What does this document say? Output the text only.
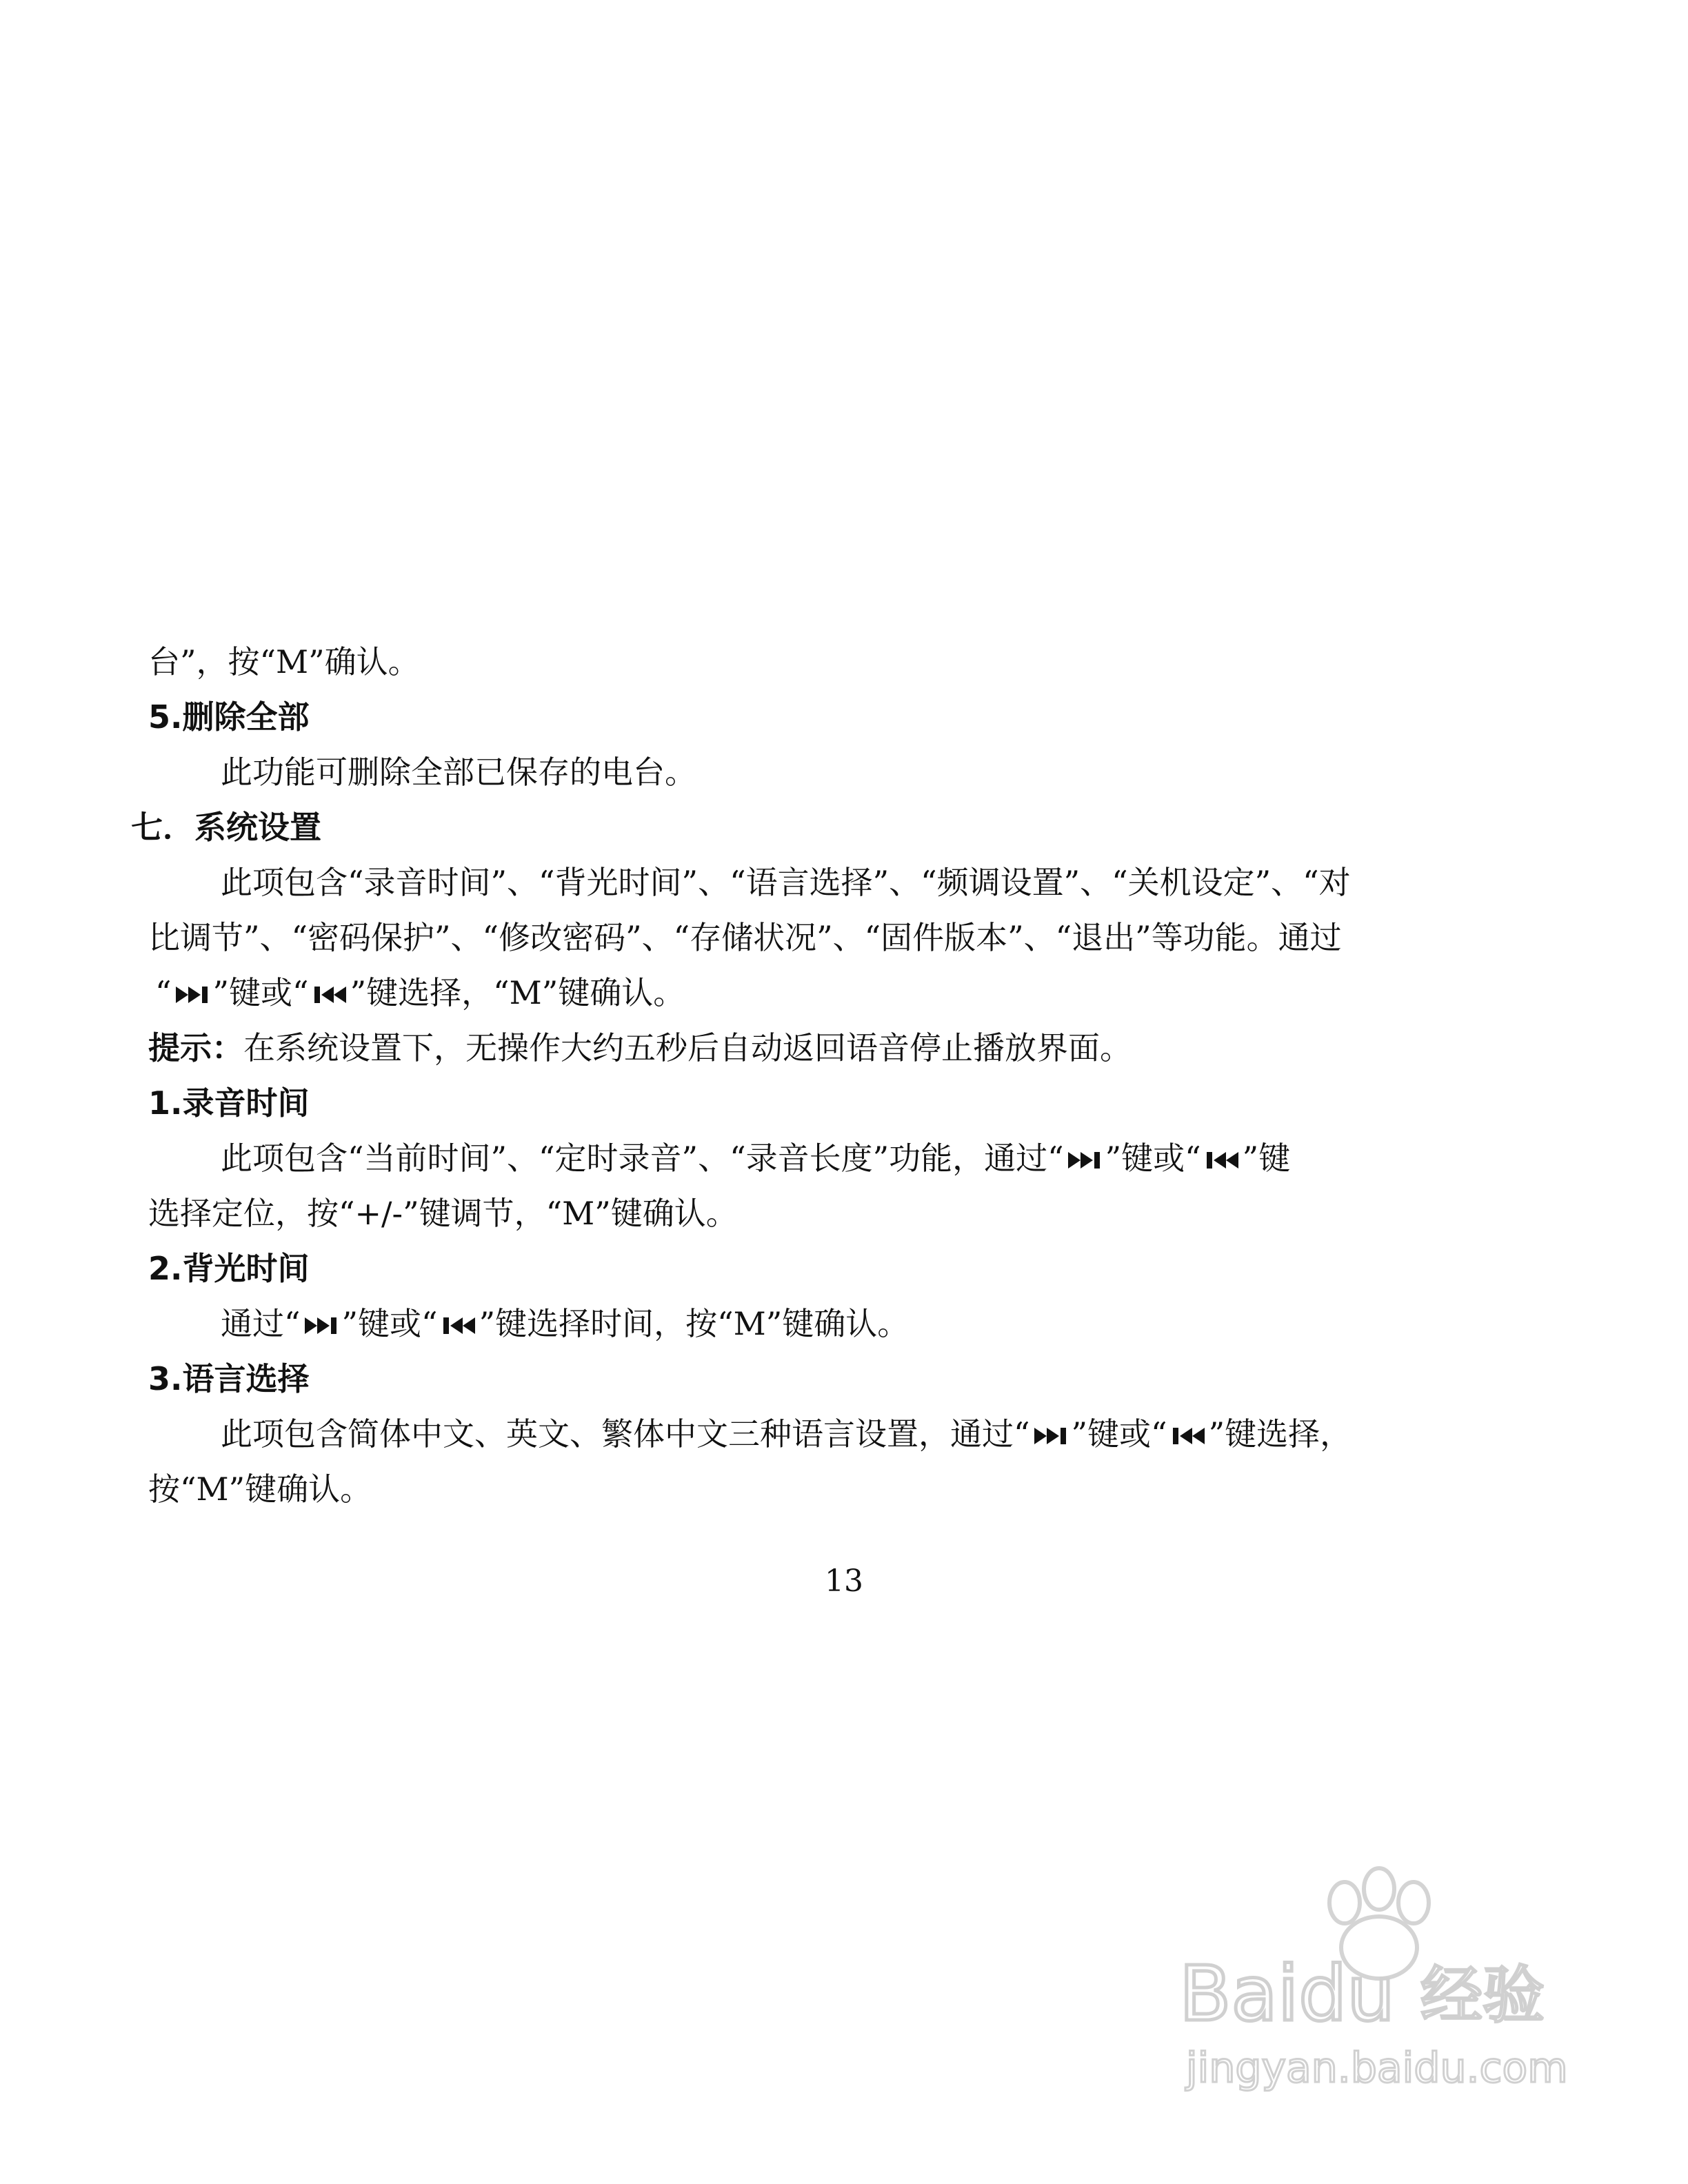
台”，按“M”确认。
5.删除全部
此功能可删除全部已保存的电台。
七．系统设置
此项包含“录音时间”、“背光时间”、“语言选择”、“频调设置”、“关机设定”、“对
比调节”、“密码保护”、“修改密码”、“存储状况”、“固件版本”、“退出”等功能。通过
“ ”键或“ ”键选择，“M”键确认。
提示：在系统设置下，无操作大约五秒后自动返回语音停止播放界面。
1.录音时间
此项包含“当前时间”、“定时录音”、“录音长度”功能，通过“ ”键或“ ”键
选择定位，按“+/-”键调节，“M”键确认。
2.背光时间
通过“ ”键或“ ”键选择时间，按“M”键确认。
3.语言选择
此项包含简体中文、英文、繁体中文三种语言设置，通过“ ”键或“ ”键选择，
按“M”键确认。
13
Baidu 经验
jingyan.baidu.com
